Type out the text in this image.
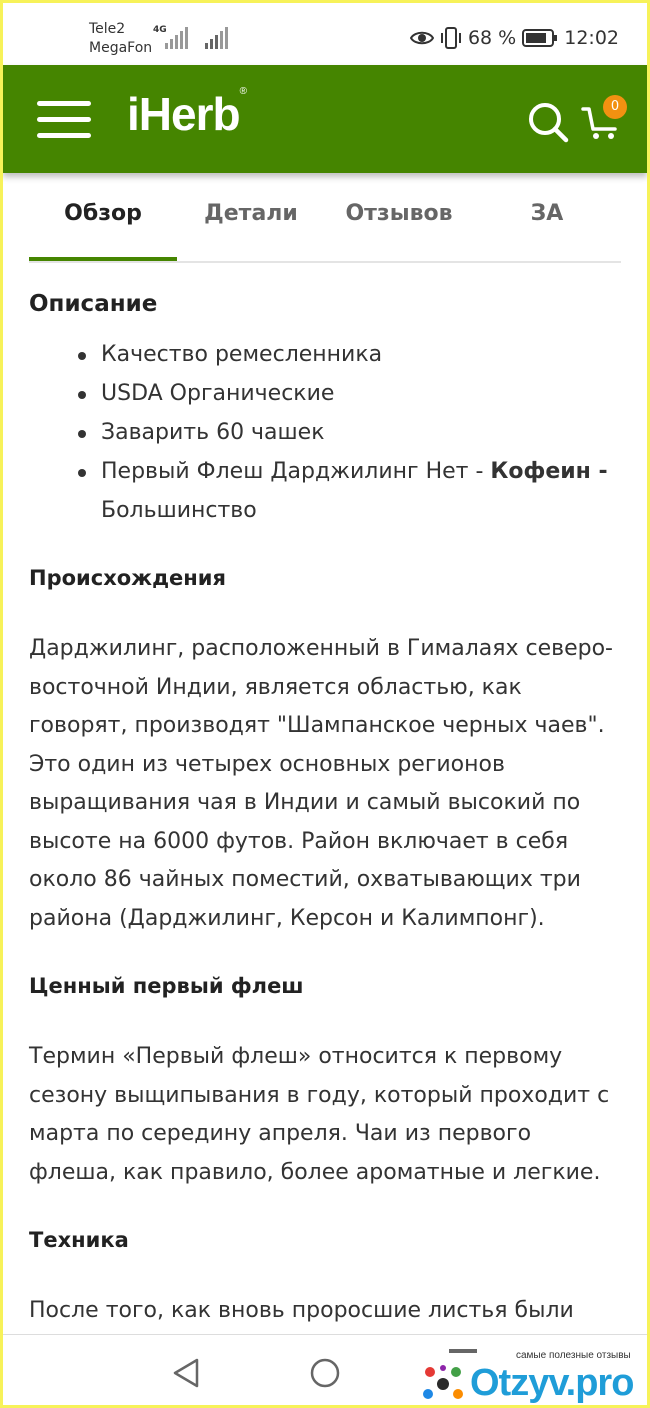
Tele2
MegaFon
4G	68 %	12:02
iHerb®
0
Обзор	Детали	Отзывов	ЗА
Описание
Качество ремесленника
USDA Органические
Заварить 60 чашек
Первый Флеш Дарджилинг Нет - Кофеин -
Большинство
Происхождения

Дарджилинг, расположенный в Гималаях северо-восточной Индии, является областью, как говорят, производят "Шампанское черных чаев". Это один из четырех основных регионов выращивания чая в Индии и самый высокий по высоте на 6000 футов. Район включает в себя около 86 чайных поместий, охватывающих три района (Дарджилинг, Керсон и Калимпонг).

Ценный первый флеш

Термин «Первый флеш» относится к первому сезону выщипывания в году, который проходит с марта по середину апреля. Чаи из первого флеша, как правило, более ароматные и легкие.

Техника

После того, как вновь проросшие листья были

самые полезные отзывы
Otzyv.pro
